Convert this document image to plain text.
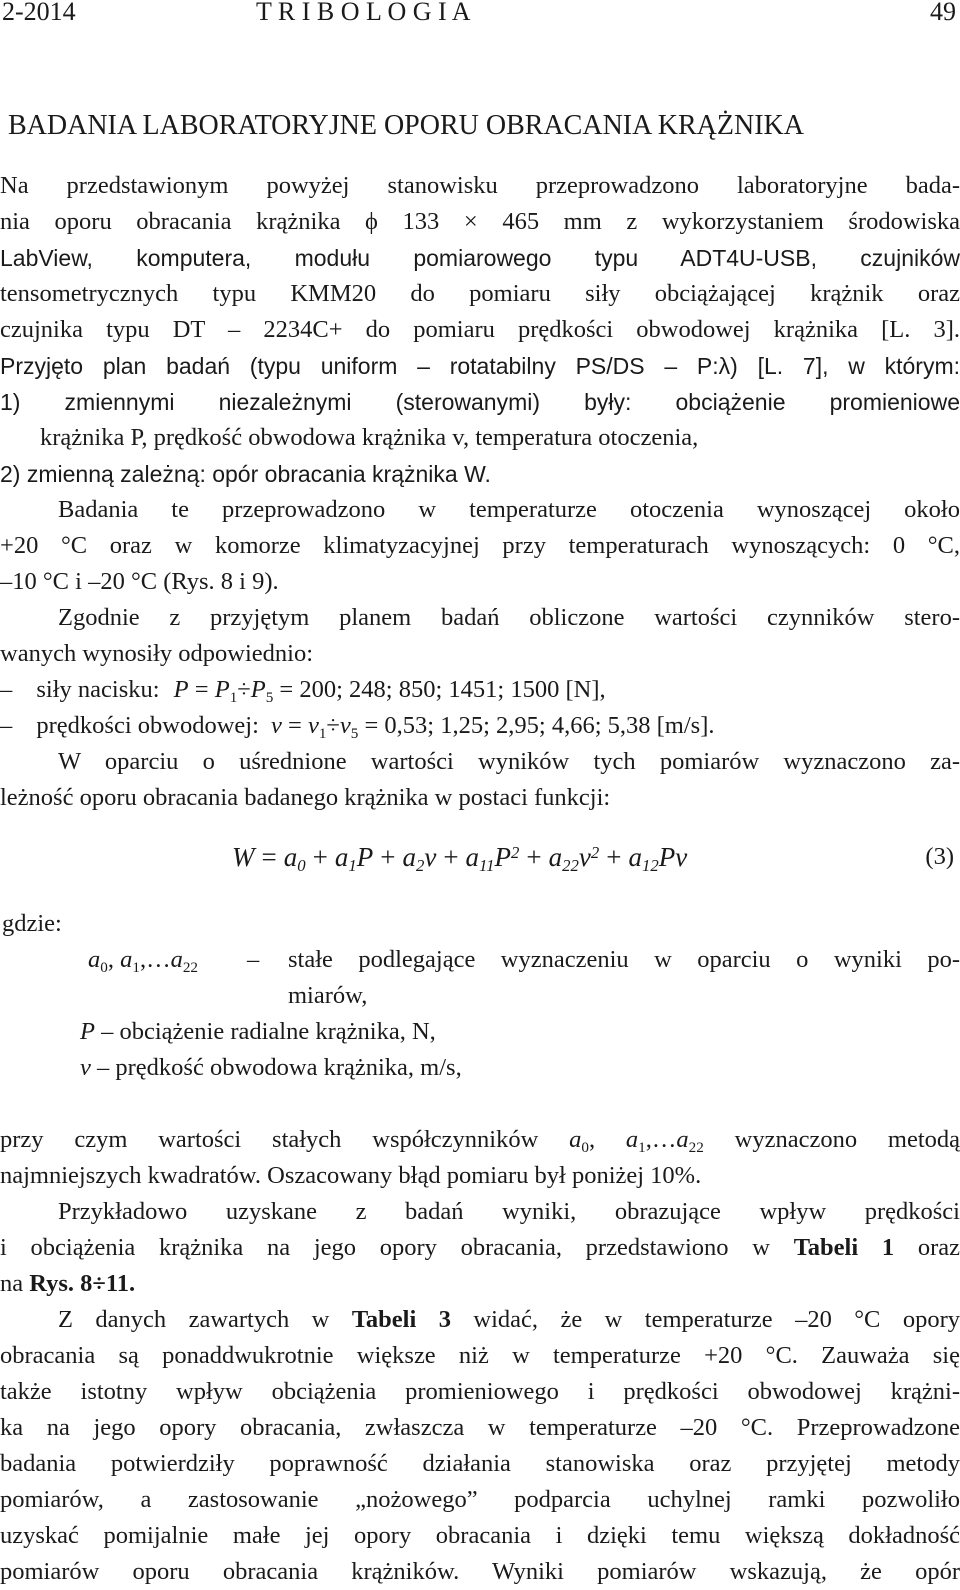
2-2014	T R I B O L O G I A	49
BADANIA LABORATORYJNE OPORU OBRACANIA KRĄŻNIKA
Na przedstawionym powyżej stanowisku przeprowadzono laboratoryjne bada-
nia oporu obracania krążnika ϕ 133 × 465 mm z wykorzystaniem środowiska
LabView, komputera, modułu pomiarowego typu ADT4U-USB, czujników
tensometrycznych typu KMM20 do pomiaru siły obciążającej krążnik oraz
czujnika typu DT – 2234C+ do pomiaru prędkości obwodowej krążnika [L. 3].
Przyjęto plan badań (typu uniform – rotatabilny PS/DS – P:λ) [L. 7], w którym:
1) zmiennymi niezależnymi (sterowanymi) były: obciążenie promieniowe
krążnika P, prędkość obwodowa krążnika v, temperatura otoczenia,
2) zmienną zależną: opór obracania krążnika W.
Badania te przeprowadzono w temperaturze otoczenia wynoszącej około
+20 °C oraz w komorze klimatyzacyjnej przy temperaturach wynoszących: 0 °C,
–10 °C i –20 °C (Rys. 8 i 9).
Zgodnie z przyjętym planem badań obliczone wartości czynników stero-
wanych wynosiły odpowiednio:
– siły nacisku: $P = P_1\div P_5 = 200$; 248; 850; 1451; 1500 [N],
– prędkości obwodowej: $v = v_1\div v_5 = 0,53$; 1,25; 2,95; 4,66; 5,38 [m/s].
W oparciu o uśrednione wartości wyników tych pomiarów wyznaczono za-
leżność oporu obracania badanego krążnika w postaci funkcji:
$W = a_0 + a_1P + a_2v + a_{11}P^2 + a_{22}v^2 + a_{12}Pv$	(3)
gdzie:
$a_0$, $a_1,\dots a_{22}$	–	stałe podlegające wyznaczeniu w oparciu o wyniki po-
miarów,
P – obciążenie radialne krążnika, N,
v – prędkość obwodowa krążnika, m/s,
przy czym wartości stałych współczynników $a_0$, $a_1,\dots a_{22}$ wyznaczono metodą
najmniejszych kwadratów. Oszacowany błąd pomiaru był poniżej 10%.
Przykładowo uzyskane z badań wyniki, obrazujące wpływ prędkości
i obciążenia krążnika na jego opory obracania, przedstawiono w Tabeli 1 oraz
na Rys. 8÷11.
Z danych zawartych w Tabeli 3 widać, że w temperaturze –20 °C opory
obracania są ponaddwukrotnie większe niż w temperaturze +20 °C. Zauważa się
także istotny wpływ obciążenia promieniowego i prędkości obwodowej krążni-
ka na jego opory obracania, zwłaszcza w temperaturze –20 °C. Przeprowadzone
badania potwierdziły poprawność działania stanowiska oraz przyjętej metody
pomiarów, a zastosowanie „nożowego” podparcia uchylnej ramki pozwoliło
uzyskać pomijalnie małe jej opory obracania i dzięki temu większą dokładność
pomiarów oporu obracania krążników. Wyniki pomiarów wskazują, że opór
